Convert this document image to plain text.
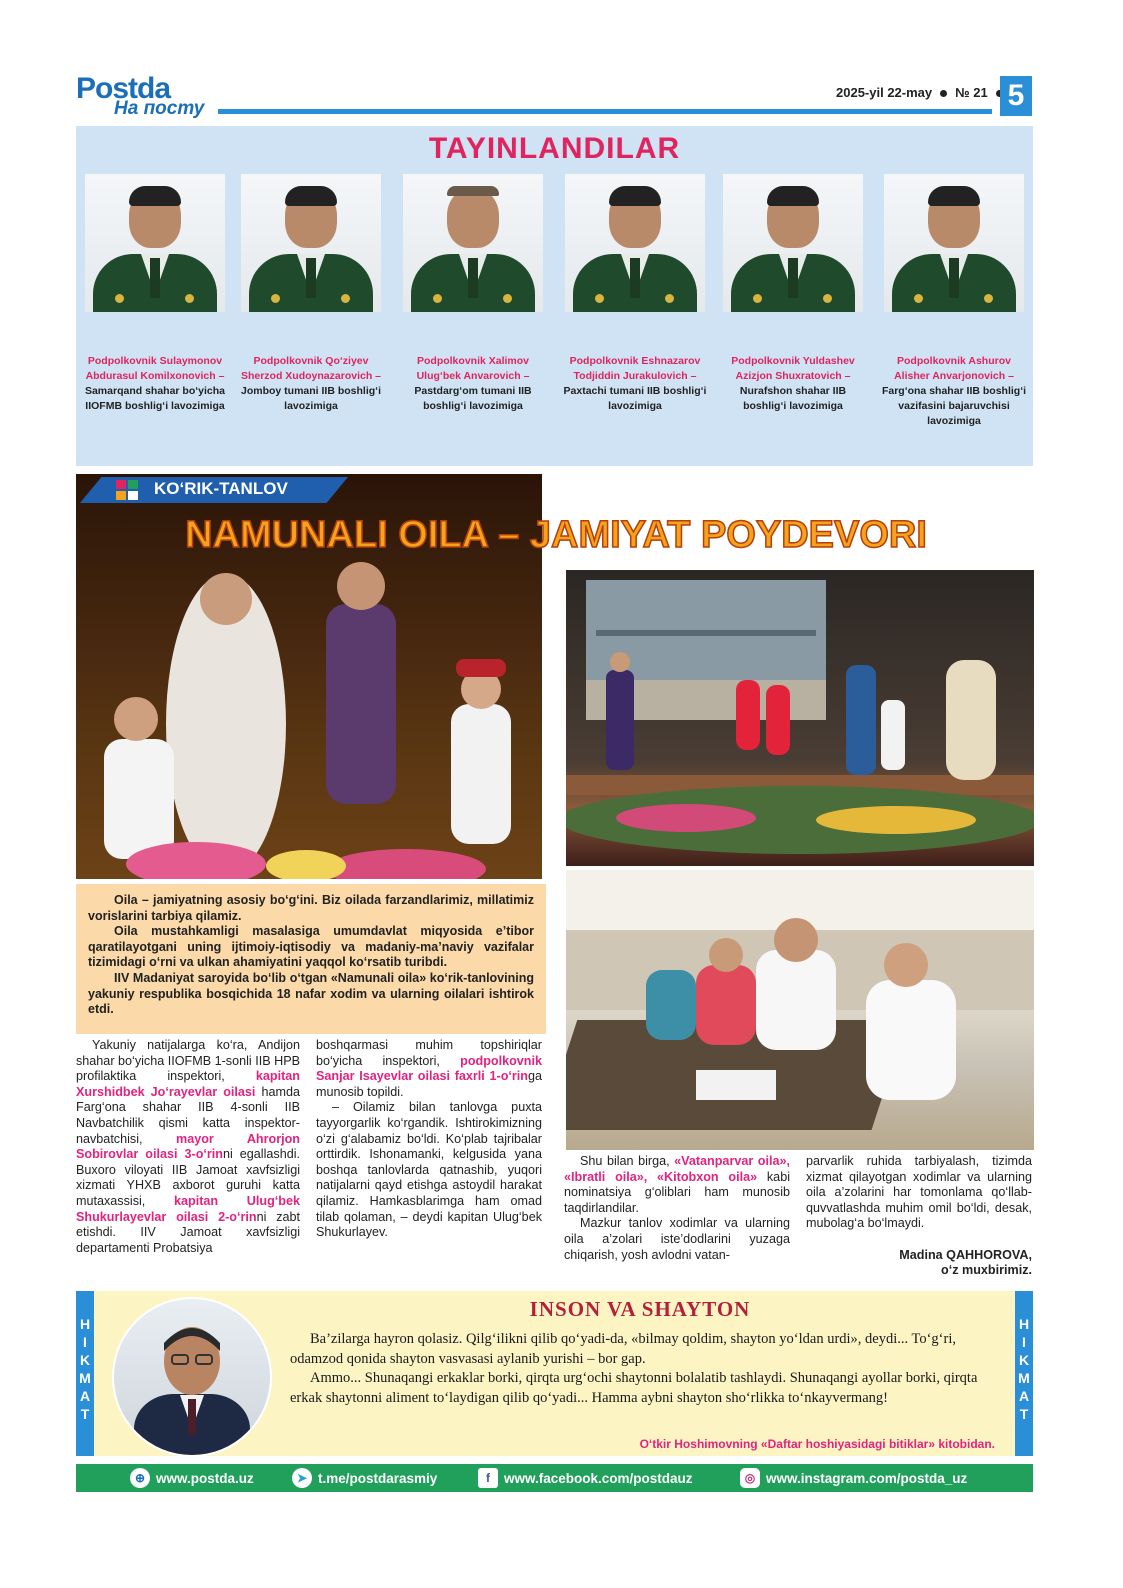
Postda
На посту
2025-yil 22-may № 21 5
TAYINLANDILAR
Podpolkovnik Sulaymonov Abdurasul Komilxonovich –
Samarqand shahar bo‘yicha IIOFMB boshlig‘i lavozimiga
Podpolkovnik Qo‘ziyev Sherzod Xudoynazarovich –
Jomboy tumani IIB boshlig‘i lavozimiga
Podpolkovnik Xalimov Ulug‘bek Anvarovich –
Pastdarg‘om tumani IIB boshlig‘i lavozimiga
Podpolkovnik Eshnazarov Todjiddin Jurakulovich –
Paxtachi tumani IIB boshlig‘i lavozimiga
Podpolkovnik Yuldashev Azizjon Shuxratovich –
Nurafshon shahar IIB boshlig‘i lavozimiga
Podpolkovnik Ashurov Alisher Anvarjonovich –
Farg‘ona shahar IIB boshlig‘i vazifasini bajaruvchisi lavozimiga
KO‘RIK-TANLOV
NAMUNALI OILA – JAMIYAT POYDEVORI

Oila – jamiyatning asosiy bo‘g‘ini. Biz oilada farzandlarimiz, millatimiz vorislarini tarbiya qilamiz.

Oila mustahkamligi masalasiga umumdavlat miqyosida e’tibor qaratilayotgani uning ijtimoiy-iqtisodiy va madaniy-ma’naviy vazifalar tizimidagi o‘rni va ulkan ahamiyatini yaqqol ko‘rsatib turibdi.

IIV Madaniyat saroyida bo‘lib o‘tgan «Namunali oila» ko‘rik-tanlovining yakuniy respublika bosqichida 18 nafar xodim va ularning oilalari ishtirok etdi.

Yakuniy natijalarga ko‘ra, Andijon shahar bo‘yicha IIOFMB 1-sonli IIB HPB profilaktika inspektori, kapitan Xurshidbek Jo‘rayevlar oilasi hamda Farg‘ona shahar IIB 4-sonli IIB Navbatchilik qismi katta inspektor-navbatchisi, mayor Ahrorjon Sobirovlar oilasi 3-o‘rinni egallashdi. Buxoro viloyati IIB Jamoat xavfsizligi xizmati YHXB axborot guruhi katta mutaxassisi, kapitan Ulug‘bek Shukurlayevlar oilasi 2-o‘rinni zabt etishdi. IIV Jamoat xavfsizligi departamenti Probatsiya

boshqarmasi muhim topshiriqlar bo‘yicha inspektori, podpolkovnik Sanjar Isayevlar oilasi faxrli 1-o‘ringa munosib topildi.

– Oilamiz bilan tanlovga puxta tayyorgarlik ko‘rgandik. Ishtirokimizning o‘zi g‘alabamiz bo‘ldi. Ko‘plab tajribalar orttirdik. Ishonamanki, kelgusida yana boshqa tanlovlarda qatnashib, yuqori natijalarni qayd etishga astoydil harakat qilamiz. Hamkasblarimga ham omad tilab qolaman, – deydi kapitan Ulug‘bek Shukurlayev.

Shu bilan birga, «Vatanparvar oila», «Ibratli oila», «Kitobxon oila» kabi nominatsiya g‘oliblari ham munosib taqdirlandilar.

Mazkur tanlov xodimlar va ularning oila a’zolari iste’dodlarini yuzaga chiqarish, yosh avlodni vatan-

parvarlik ruhida tarbiyalash, tizimda xizmat qilayotgan xodimlar va ularning oila a’zolarini har tomonlama qo‘llab-quvvatlashda muhim omil bo‘ldi, desak, mubolag‘a bo‘lmaydi.

Madina QAHHOROVA,
o‘z muxbirimiz.
H
I
K
M
A
T
H
I
K
M
A
T
INSON VA SHAYTON

Ba’zilarga hayron qolasiz. Qilg‘ilikni qilib qo‘yadi-da, «bilmay qoldim, shayton yo‘ldan urdi», deydi... To‘g‘ri, odamzod qonida shayton vasvasasi aylanib yurishi – bor gap.

Ammo... Shunaqangi erkaklar borki, qirqta urg‘ochi shaytonni bolalatib tashlaydi. Shunaqangi ayollar borki, qirqta erkak shaytonni aliment to‘laydigan qilib qo‘yadi... Hamma aybni shayton sho‘rlikka to‘nkayvermang!

O‘tkir Hoshimovning «Daftar hoshiyasidagi bitiklar» kitobidan.
⊕ www.postda.uz	➤ t.me/postdarasmiy	f	www.facebook.com/postdauz	◎ www.instagram.com/postda_uz
